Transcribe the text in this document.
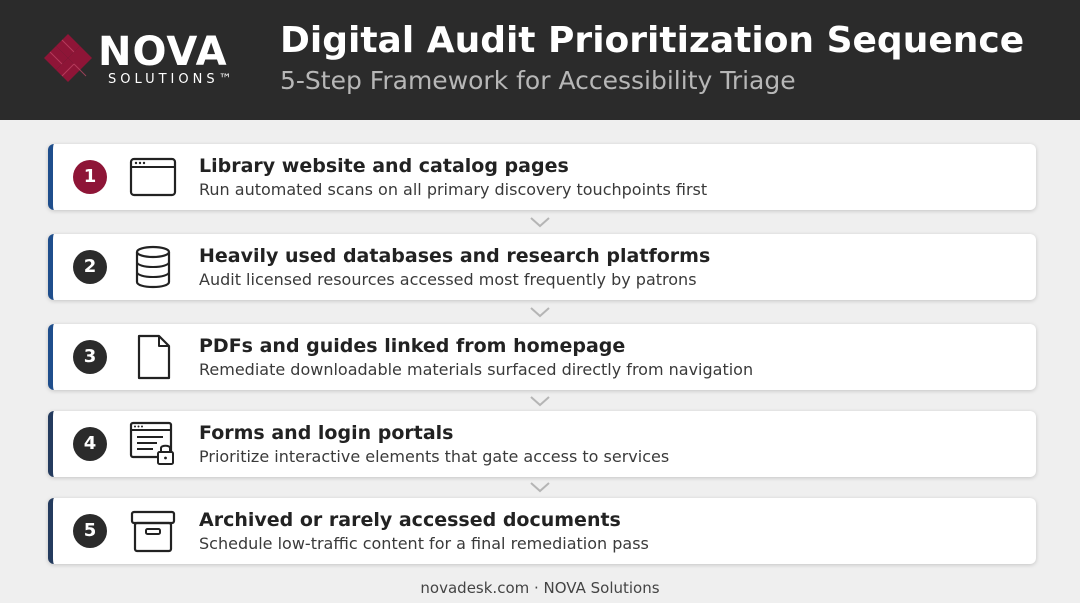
NOVA
SOLUTIONS™
Digital Audit Prioritization Sequence
5-Step Framework for Accessibility Triage
1	Library website and catalog pages
Run automated scans on all primary discovery touchpoints first
2	Heavily used databases and research platforms
Audit licensed resources accessed most frequently by patrons
3	PDFs and guides linked from homepage
Remediate downloadable materials surfaced directly from navigation
4	Forms and login portals
Prioritize interactive elements that gate access to services
5	Archived or rarely accessed documents
Schedule low-traffic content for a final remediation pass
novadesk.com · NOVA Solutions
